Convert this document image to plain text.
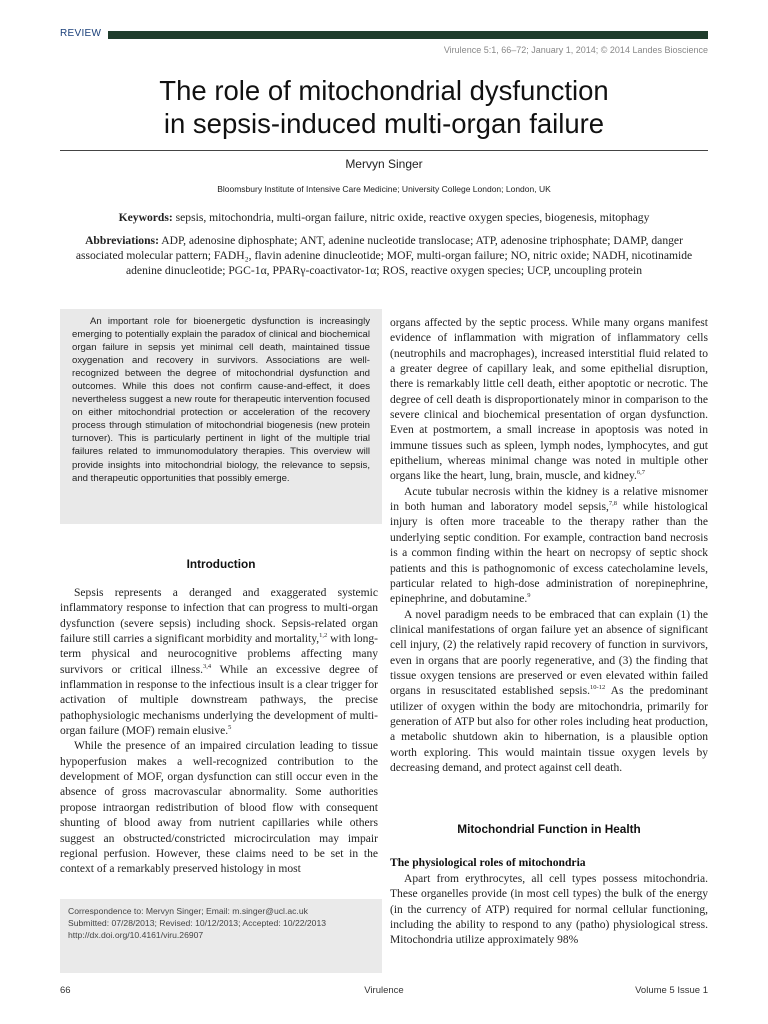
REVIEW
Virulence 5:1, 66–72; January 1, 2014; © 2014 Landes Bioscience
The role of mitochondrial dysfunction
in sepsis-induced multi-organ failure
Mervyn Singer
Bloomsbury Institute of Intensive Care Medicine; University College London; London, UK
Keywords: sepsis, mitochondria, multi-organ failure, nitric oxide, reactive oxygen species, biogenesis, mitophagy
Abbreviations: ADP, adenosine diphosphate; ANT, adenine nucleotide translocase; ATP, adenosine triphosphate; DAMP, danger associated molecular pattern; FADH₂, flavin adenine dinucleotide; MOF, multi-organ failure; NO, nitric oxide; NADH, nicotinamide adenine dinucleotide; PGC-1α, PPARγ-coactivator-1α; ROS, reactive oxygen species; UCP, uncoupling protein

An important role for bioenergetic dysfunction is increasingly emerging to potentially explain the paradox of clinical and biochemical organ failure in sepsis yet minimal cell death, maintained tissue oxygenation and recovery in survivors. Associations are well-recognized between the degree of mitochondrial dysfunction and outcomes. While this does not confirm cause-and-effect, it does nevertheless suggest a new route for therapeutic intervention focused on either mitochondrial protection or acceleration of the recovery process through stimulation of mitochondrial biogenesis (new protein turnover). This is particularly pertinent in light of the multiple trial failures related to immunomodulatory therapies. This overview will provide insights into mitochondrial biology, the relevance to sepsis, and therapeutic opportunities that possibly emerge.

Introduction

Sepsis represents a deranged and exaggerated systemic inflammatory response to infection that can progress to multi-organ dysfunction (severe sepsis) including shock. Sepsis-related organ failure still carries a significant morbidity and mortality,$^{1,2}$ with long-term physical and neurocognitive problems affecting many survivors or critical illness.$^{3,4}$ While an excessive degree of inflammation in response to the infectious insult is a clear trigger for activation of multiple downstream pathways, the precise pathophysiologic mechanisms underlying the development of multi-organ failure (MOF) remain elusive.$^5$

While the presence of an impaired circulation leading to tissue hypoperfusion makes a well-recognized contribution to the development of MOF, organ dysfunction can still occur even in the absence of gross macrovascular abnormality. Some authorities propose intraorgan redistribution of blood flow with consequent shunting of blood away from nutrient capillaries while others suggest an obstructed/constricted microcirculation may impair regional perfusion. However, these claims need to be set in the context of a remarkably preserved histology in most

Correspondence to: Mervyn Singer; Email: m.singer@ucl.ac.uk
Submitted: 07/28/2013; Revised: 10/12/2013; Accepted: 10/22/2013
http://dx.doi.org/10.4161/viru.26907

organs affected by the septic process. While many organs manifest evidence of inflammation with migration of inflammatory cells (neutrophils and macrophages), increased interstitial fluid related to a greater degree of capillary leak, and some epithelial disruption, there is remarkably little cell death, either apoptotic or necrotic. The degree of cell death is disproportionately minor in comparison to the severe clinical and biochemical presentation of organ dysfunction. Even at postmortem, a small increase in apoptosis was noted in immune tissues such as spleen, lymph nodes, lymphocytes, and gut epithelium, whereas minimal change was noted in multiple other organs like the heart, lung, brain, muscle, and kidney.$^{6,7}$

Acute tubular necrosis within the kidney is a relative misnomer in both human and laboratory model sepsis,$^{7,8}$ while histological injury is often more traceable to the therapy rather than the underlying septic condition. For example, contraction band necrosis is a common finding within the heart on necropsy of septic shock patients and this is pathognomonic of excess catecholamine levels, particular related to high-dose administration of norepinephrine, epinephrine, and dobutamine.$^9$

A novel paradigm needs to be embraced that can explain (1) the clinical manifestations of organ failure yet an absence of significant cell injury, (2) the relatively rapid recovery of function in survivors, even in organs that are poorly regenerative, and (3) the finding that tissue oxygen tensions are preserved or even elevated within failed organs in resuscitated established sepsis.$^{10-12}$ As the predominant utilizer of oxygen within the body are mitochondria, primarily for generation of ATP but also for other roles including heat production, a metabolic shutdown akin to hibernation, is a plausible option worth exploring. This would maintain tissue oxygen levels by decreasing demand, and protect against cell death.

Mitochondrial Function in Health
The physiological roles of mitochondria

Apart from erythrocytes, all cell types possess mitochondria. These organelles provide (in most cell types) the bulk of the energy (in the currency of ATP) required for normal cellular functioning, including the ability to respond to any (patho) physiological stress. Mitochondria utilize approximately 98%

66	Virulence	Volume 5 Issue 1
